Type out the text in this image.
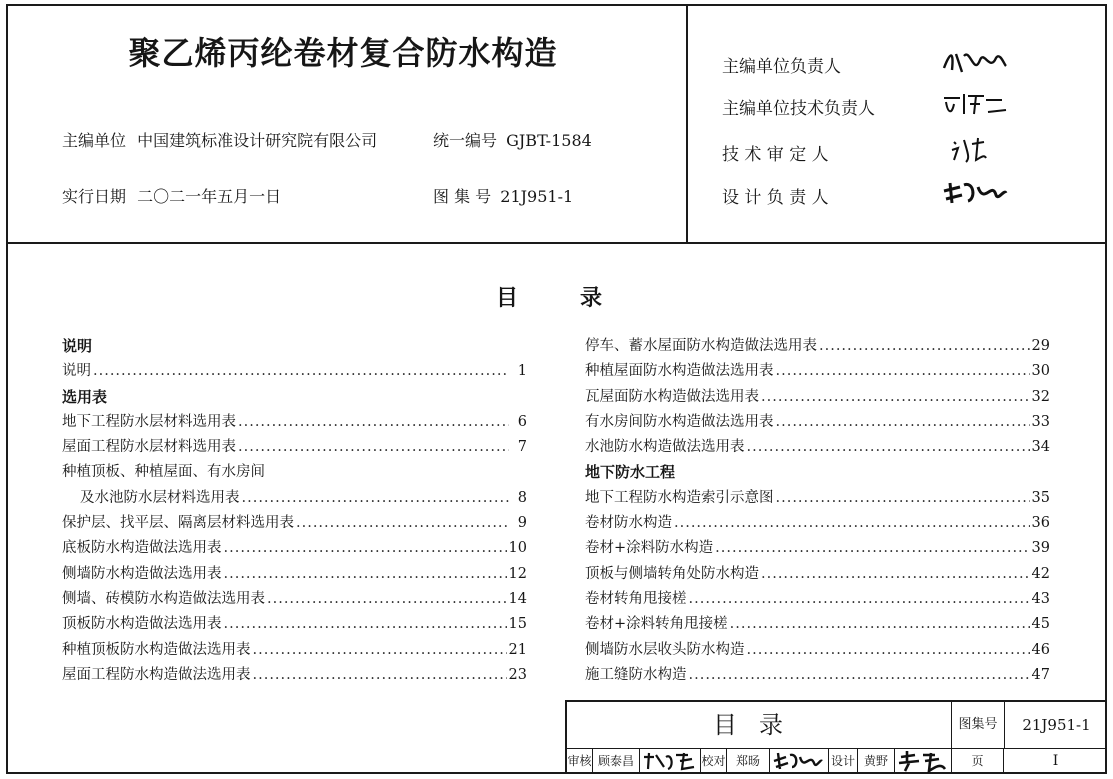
聚乙烯丙纶卷材复合防水构造
主编单位 中国建筑标准设计研究院有限公司	统一编号 GJBT-1584
实行日期 二〇二一年五月一日	图 集 号 21J951-1
主编单位负责人
主编单位技术负责人
技 术 审 定 人
设 计 负 责 人
目	录
说明
说明 .....	1
选用表
地下工程防水层材料选用表 .....	6
屋面工程防水层材料选用表 .....	7
种植顶板、种植屋面、有水房间
及水池防水层材料选用表 .....	8
保护层、找平层、隔离层材料选用表 .....	9
底板防水构造做法选用表 .....	10
侧墙防水构造做法选用表 .....	12
侧墙、砖模防水构造做法选用表 .....	14
顶板防水构造做法选用表 .....	15
种植顶板防水构造做法选用表 .....	21
屋面工程防水构造做法选用表 .....	23
停车、蓄水屋面防水构造做法选用表 .....	29
种植屋面防水构造做法选用表 .....	30
瓦屋面防水构造做法选用表 .....	32
有水房间防水构造做法选用表 .....	33
水池防水构造做法选用表 .....	34
地下防水工程
地下工程防水构造索引示意图 .....	35
卷材防水构造 .....	36
卷材+涂料防水构造 .....	39
顶板与侧墙转角处防水构造 .....	42
卷材转角甩接槎 .....	43
卷材+涂料转角甩接槎 .....	45
侧墙防水层收头防水构造 .....	46
施工缝防水构造 .....	47
目录	图集号	21J951-1
审核 顾泰昌	校对 郑旸	设计 黄野	页	I
